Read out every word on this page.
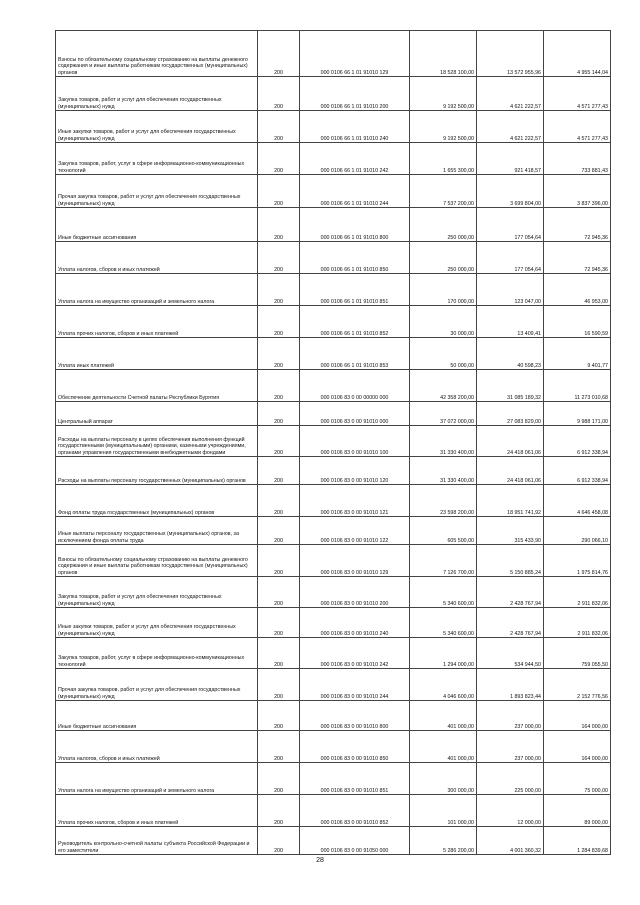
Взносы по обязательному социальному страхованию на выплаты денежного содержания и иные выплаты работникам государственных (муниципальных) органов	200	000 0106 66 1 01 91010 129	18 528 100,00	13 572 955,96	4 955 144,04
Закупка товаров, работ и услуг для обеспечения государственных (муниципальных) нужд	200	000 0106 66 1 01 91010 200	9 192 500,00	4 621 222,57	4 571 277,43
Иные закупки товаров, работ и услуг для обеспечения государственных (муниципальных) нужд	200	000 0106 66 1 01 91010 240	9 192 500,00	4 621 222,57	4 571 277,43
Закупка товаров, работ, услуг в сфере информационно-коммуникационных технологий	200	000 0106 66 1 01 91010 242	1 655 300,00	921 418,57	733 881,43
Прочая закупка товаров, работ и услуг для обеспечения государственных (муниципальных) нужд	200	000 0106 66 1 01 91010 244	7 537 200,00	3 699 804,00	3 837 396,00
Иные бюджетные ассигнования	200	000 0106 66 1 01 91010 800	250 000,00	177 054,64	72 945,36
Уплата налогов, сборов и иных платежей	200	000 0106 66 1 01 91010 850	250 000,00	177 054,64	72 945,36
Уплата налога на имущество организаций и земельного налога	200	000 0106 66 1 01 91010 851	170 000,00	123 047,00	46 953,00
Уплата прочих налогов, сборов и иных платежей	200	000 0106 66 1 01 91010 852	30 000,00	13 409,41	16 590,59
Уплата иных платежей	200	000 0106 66 1 01 91010 853	50 000,00	40 598,23	9 401,77
Обеспечение деятельности Счетной палаты Республики Бурятия	200	000 0106 83 0 00 00000 000	42 358 200,00	31 085 189,32	11 273 010,68
Центральный аппарат	200	000 0106 83 0 00 91010 000	37 072 000,00	27 083 829,00	9 988 171,00
Расходы на выплаты персоналу в целях обеспечения выполнения функций государственными (муниципальными) органами, казенными учреждениями, органами управления государственными внебюджетными фондами	200	000 0106 83 0 00 91010 100	31 330 400,00	24 418 061,06	6 912 338,94
Расходы на выплаты персоналу государственных (муниципальных) органов	200	000 0106 83 0 00 91010 120	31 330 400,00	24 418 061,06	6 912 338,94
Фонд оплаты труда государственных (муниципальных) органов	200	000 0106 83 0 00 91010 121	23 598 200,00	18 951 741,92	4 646 458,08
Иные выплаты персоналу государственных (муниципальных) органов, за исключением фонда оплаты труда	200	000 0106 83 0 00 91010 122	605 500,00	315 433,90	290 066,10
Взносы по обязательному социальному страхованию на выплаты денежного содержания и иные выплаты работникам государственных (муниципальных) органов	200	000 0106 83 0 00 91010 129	7 126 700,00	5 150 885,24	1 975 814,76
Закупка товаров, работ и услуг для обеспечения государственных (муниципальных) нужд	200	000 0106 83 0 00 91010 200	5 340 600,00	2 428 767,94	2 911 832,06
Иные закупки товаров, работ и услуг для обеспечения государственных (муниципальных) нужд	200	000 0106 83 0 00 91010 240	5 340 600,00	2 428 767,94	2 911 832,06
Закупка товаров, работ, услуг в сфере информационно-коммуникационных технологий	200	000 0106 83 0 00 91010 242	1 294 000,00	534 944,50	759 055,50
Прочая закупка товаров, работ и услуг для обеспечения государственных (муниципальных) нужд	200	000 0106 83 0 00 91010 244	4 046 600,00	1 893 823,44	2 152 776,56
Иные бюджетные ассигнования	200	000 0106 83 0 00 91010 800	401 000,00	237 000,00	164 000,00
Уплата налогов, сборов и иных платежей	200	000 0106 83 0 00 91010 850	401 000,00	237 000,00	164 000,00
Уплата налога на имущество организаций и земельного налога	200	000 0106 83 0 00 91010 851	300 000,00	225 000,00	75 000,00
Уплата прочих налогов, сборов и иных платежей	200	000 0106 83 0 00 91010 852	101 000,00	12 000,00	89 000,00
Руководитель контрольно-счетной палаты субъекта Российской Федерации и его заместители	200	000 0106 83 0 00 91050 000	5 286 200,00	4 001 360,32	1 284 839,68
28
